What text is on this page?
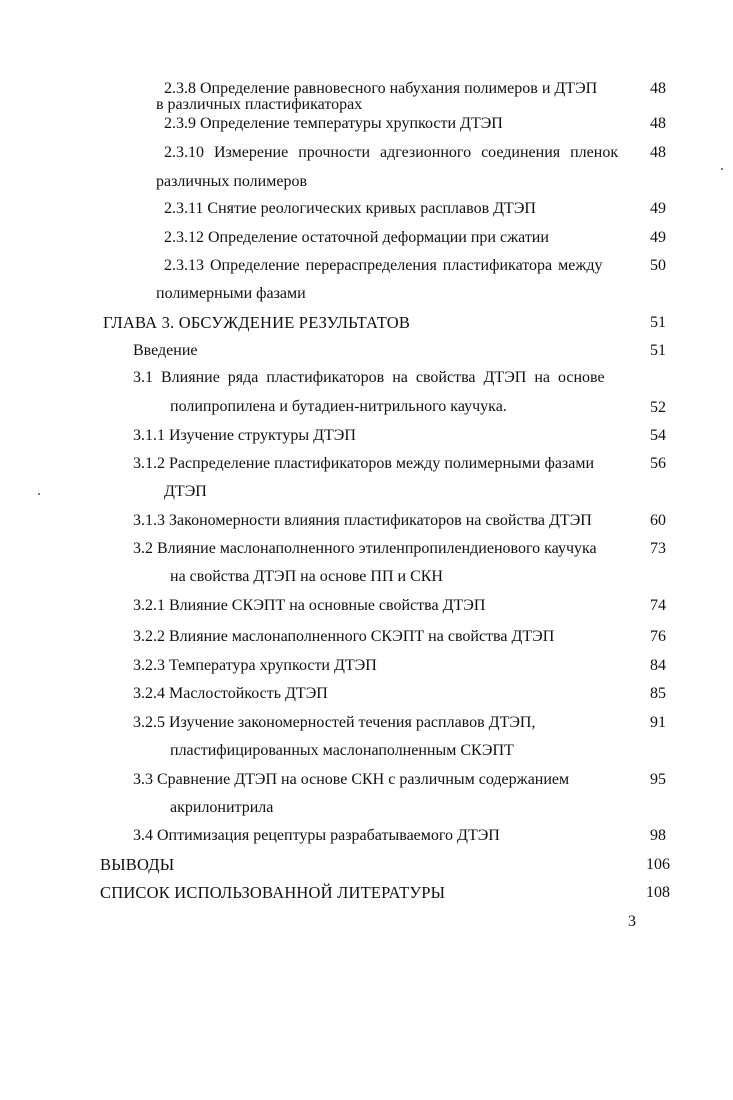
2.3.8 Определение равновесного набухания полимеров и ДТЭП	48
в различных пластификаторах
2.3.9 Определение температуры хрупкости ДТЭП	48
2.3.10 Измерение прочности адгезионного соединения пленок	48
различных полимеров
2.3.11 Снятие реологических кривых расплавов ДТЭП	49
2.3.12 Определение остаточной деформации при сжатии	49
2.3.13 Определение перераспределения пластификатора между	50
полимерными фазами
ГЛАВА 3. ОБСУЖДЕНИЕ РЕЗУЛЬТАТОВ	51
Введение	51
3.1 Влияние ряда пластификаторов на свойства ДТЭП на основе
полипропилена и бутадиен-нитрильного каучука.	52
3.1.1 Изучение структуры ДТЭП	54
3.1.2 Распределение пластификаторов между полимерными фазами	56
ДТЭП
3.1.3 Закономерности влияния пластификаторов на свойства ДТЭП	60
3.2 Влияние маслонаполненного этиленпропилендиенового каучука	73
на свойства ДТЭП на основе ПП и СКН
3.2.1 Влияние СКЭПТ на основные свойства ДТЭП	74
3.2.2 Влияние маслонаполненного СКЭПТ на свойства ДТЭП	76
3.2.3 Температура хрупкости ДТЭП	84
3.2.4 Маслостойкость ДТЭП	85
3.2.5 Изучение закономерностей течения расплавов ДТЭП,	91
пластифицированных маслонаполненным СКЭПТ
3.3 Сравнение ДТЭП на основе СКН с различным содержанием	95
акрилонитрила
3.4 Оптимизация рецептуры разрабатываемого ДТЭП	98
ВЫВОДЫ	106
СПИСОК ИСПОЛЬЗОВАННОЙ ЛИТЕРАТУРЫ	108
3
